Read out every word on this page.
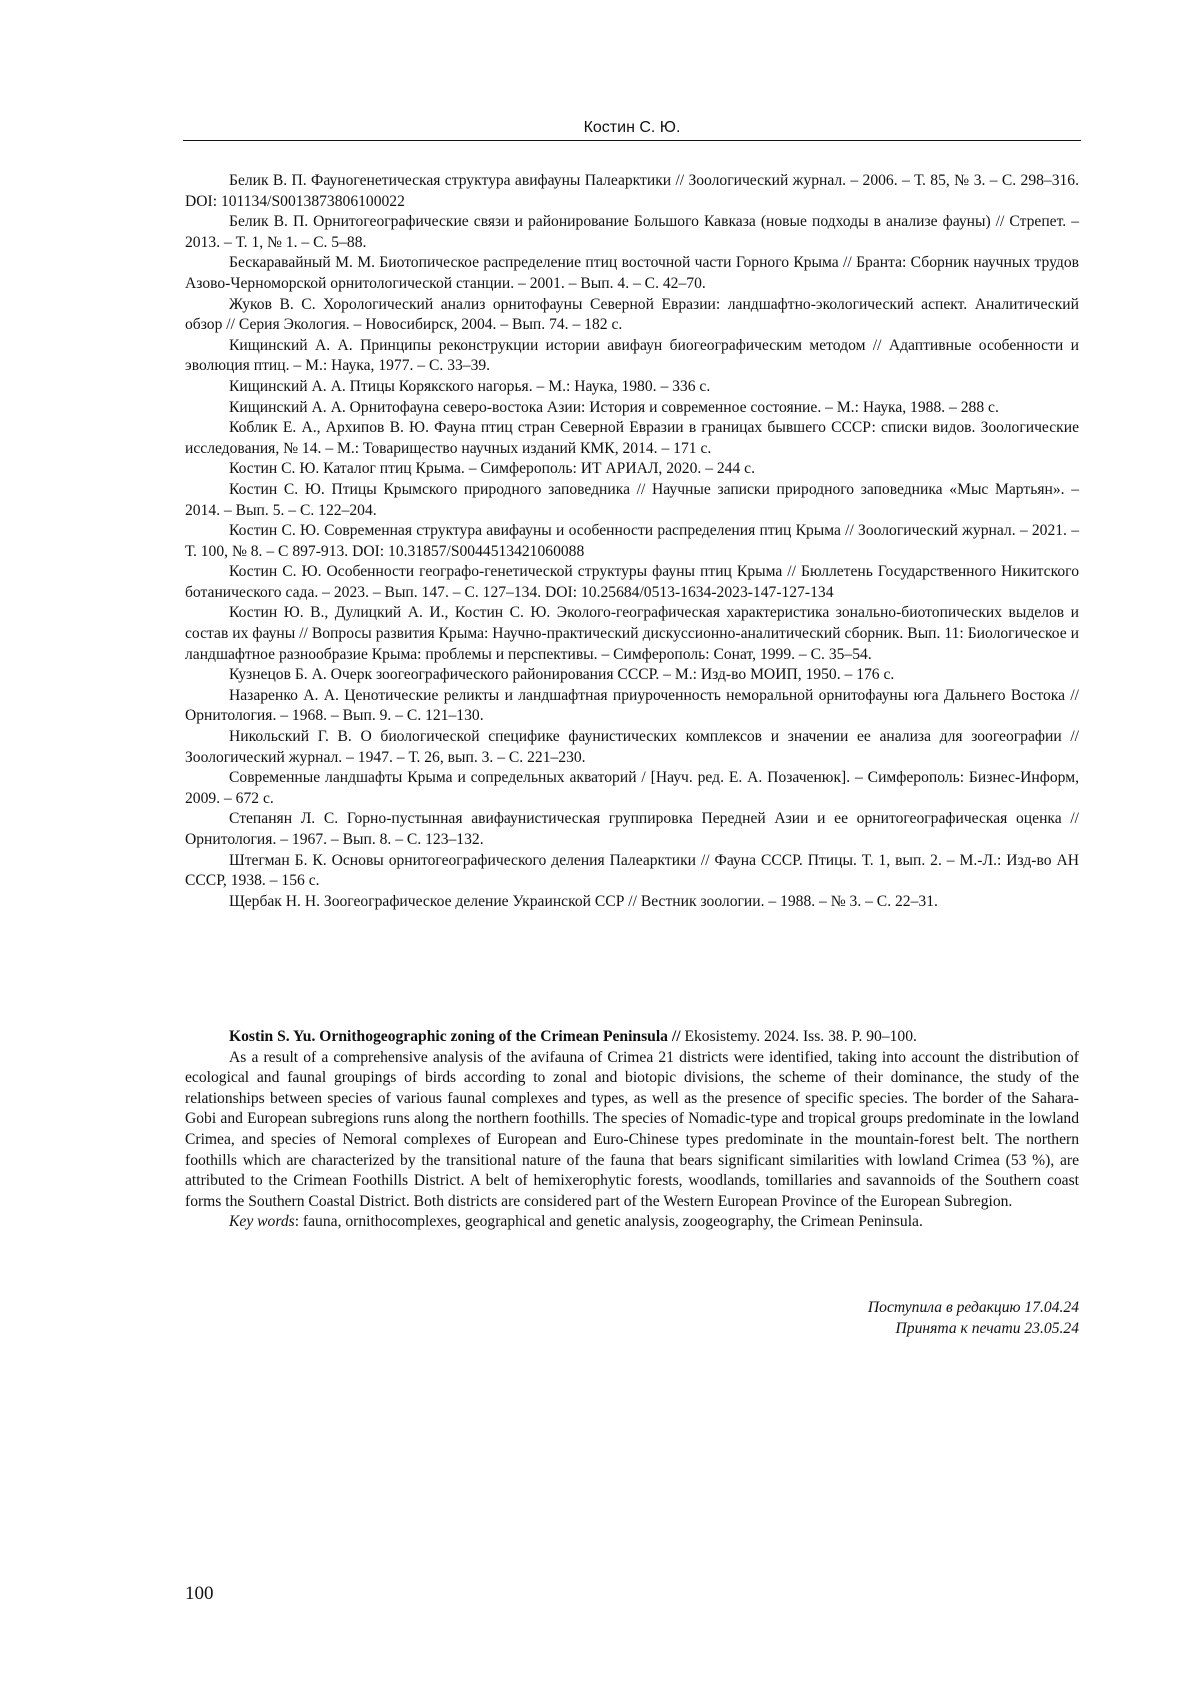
Костин С. Ю.

Белик В. П. Фауногенетическая структура авифауны Палеарктики // Зоологический журнал. – 2006. – Т. 85, № 3. – С. 298–316. DOI: 101134/S0013873806100022

Белик В. П. Орнитогеографические связи и районирование Большого Кавказа (новые подходы в анализе фауны) // Стрепет. – 2013. – Т. 1, № 1. – С. 5–88.

Бескаравайный М. М. Биотопическое распределение птиц восточной части Горного Крыма // Бранта: Сборник научных трудов Азово-Черноморской орнитологической станции. – 2001. – Вып. 4. – С. 42–70.

Жуков В. С. Хорологический анализ орнитофауны Северной Евразии: ландшафтно-экологический аспект. Аналитический обзор // Серия Экология. – Новосибирск, 2004. – Вып. 74. – 182 с.

Кищинский А. А. Принципы реконструкции истории авифаун биогеографическим методом // Адаптивные особенности и эволюция птиц. – М.: Наука, 1977. – С. 33–39.

Кищинский А. А. Птицы Корякского нагорья. – М.: Наука, 1980. – 336 с.

Кищинский А. А. Орнитофауна северо-востока Азии: История и современное состояние. – М.: Наука, 1988. – 288 с.

Коблик Е. А., Архипов В. Ю. Фауна птиц стран Северной Евразии в границах бывшего СССР: списки видов. Зоологические исследования, № 14. – М.: Товарищество научных изданий КМК, 2014. – 171 с.

Костин С. Ю. Каталог птиц Крыма. – Симферополь: ИТ АРИАЛ, 2020. – 244 с.

Костин С. Ю. Птицы Крымского природного заповедника // Научные записки природного заповедника «Мыс Мартьян». – 2014. – Вып. 5. – С. 122–204.

Костин С. Ю. Современная структура авифауны и особенности распределения птиц Крыма // Зоологический журнал. – 2021. – Т. 100, № 8. – С 897-913. DOI: 10.31857/S0044513421060088

Костин С. Ю. Особенности географо-генетической структуры фауны птиц Крыма // Бюллетень Государственного Никитского ботанического сада. – 2023. – Вып. 147. – С. 127–134. DOI: 10.25684/0513-1634-2023-147-127-134

Костин Ю. В., Дулицкий А. И., Костин С. Ю. Эколого-географическая характеристика зонально-биотопических выделов и состав их фауны // Вопросы развития Крыма: Научно-практический дискуссионно-аналитический сборник. Вып. 11: Биологическое и ландшафтное разнообразие Крыма: проблемы и перспективы. – Симферополь: Сонат, 1999. – С. 35–54.

Кузнецов Б. А. Очерк зоогеографического районирования СССР. – М.: Изд-во МОИП, 1950. – 176 с.

Назаренко А. А. Ценотические реликты и ландшафтная приуроченность неморальной орнитофауны юга Дальнего Востока // Орнитология. – 1968. – Вып. 9. – С. 121–130.

Никольский Г. В. О биологической специфике фаунистических комплексов и значении ее анализа для зоогеографии // Зоологический журнал. – 1947. – Т. 26, вып. 3. – С. 221–230.

Современные ландшафты Крыма и сопредельных акваторий / [Науч. ред. Е. А. Позаченюк]. – Симферополь: Бизнес-Информ, 2009. – 672 с.

Степанян Л. С. Горно-пустынная авифаунистическая группировка Передней Азии и ее орнитогеографическая оценка // Орнитология. – 1967. – Вып. 8. – С. 123–132.

Штегман Б. К. Основы орнитогеографического деления Палеарктики // Фауна СССР. Птицы. Т. 1, вып. 2. – М.-Л.: Изд-во АН СССР, 1938. – 156 с.

Щербак Н. Н. Зоогеографическое деление Украинской ССР // Вестник зоологии. – 1988. – № 3. – С. 22–31.

Kostin S. Yu. Ornithogeographic zoning of the Crimean Peninsula // Ekosistemy. 2024. Iss. 38. P. 90–100.

As a result of a comprehensive analysis of the avifauna of Crimea 21 districts were identified, taking into account the distribution of ecological and faunal groupings of birds according to zonal and biotopic divisions, the scheme of their dominance, the study of the relationships between species of various faunal complexes and types, as well as the presence of specific species. The border of the Sahara-Gobi and European subregions runs along the northern foothills. The species of Nomadic-type and tropical groups predominate in the lowland Crimea, and species of Nemoral complexes of European and Euro-Chinese types predominate in the mountain-forest belt. The northern foothills which are characterized by the transitional nature of the fauna that bears significant similarities with lowland Crimea (53 %), are attributed to the Crimean Foothills District. A belt of hemixerophytic forests, woodlands, tomillaries and savannoids of the Southern coast forms the Southern Coastal District. Both districts are considered part of the Western European Province of the European Subregion.

Key words: fauna, ornithocomplexes, geographical and genetic analysis, zoogeography, the Crimean Peninsula.

Поступила в редакцию 17.04.24
Принята к печати 23.05.24
100
